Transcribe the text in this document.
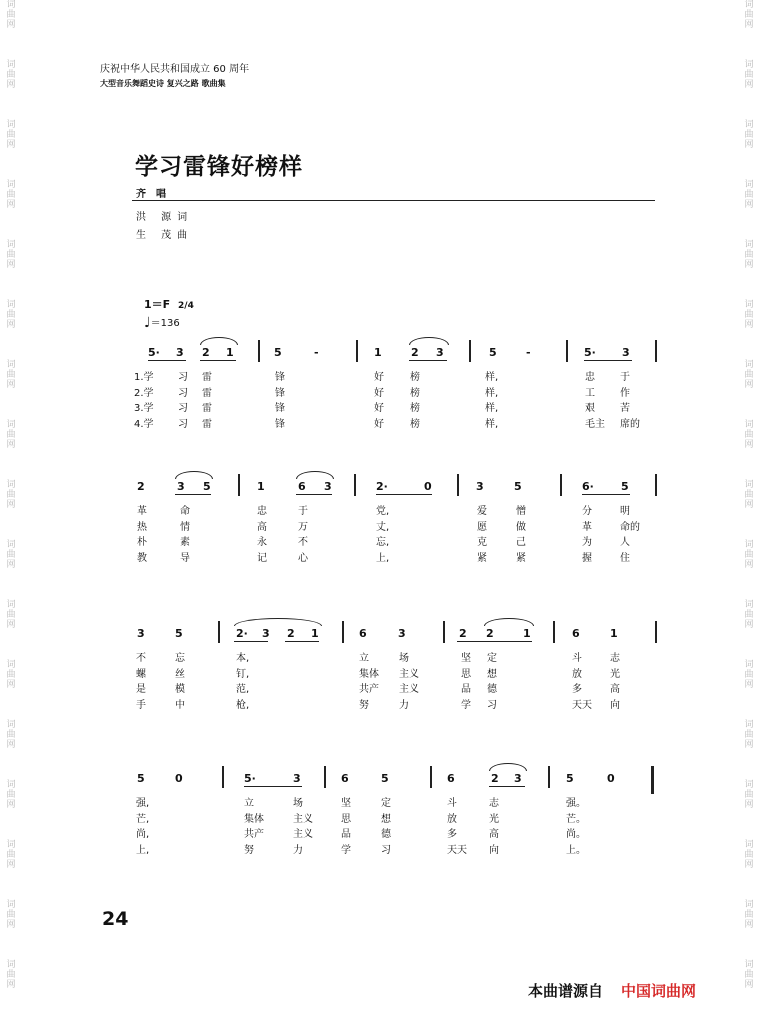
词
曲
网
词
曲
网
词
曲
网
词
曲
网
词
曲
网
词
曲
网
词
曲
网
词
曲
网
词
曲
网
词
曲
网
词
曲
网
词
曲
网
词
曲
网
词
曲
网
词
曲
网
词
曲
网
词
曲
网
词
曲
网
词
曲
网
词
曲
网
词
曲
网
词
曲
网
词
曲
网
词
曲
网
词
曲
网
词
曲
网
词
曲
网
词
曲
网
词
曲
网
词
曲
网
词
曲
网
词
曲
网
词
曲
网
词
曲
网
庆祝中华人民共和国成立 60 周年
大型音乐舞蹈史诗 复兴之路 歌曲集
学习雷锋好榜样
齐唱
洪 源词
生 茂曲
1＝F 2/4
♩＝136
5· 3 2 1	5	-	1	2 3	5	-	5· 3
1.学 习 雷	锋	好	榜	样,	忠	于
2.学 习 雷	锋	好	榜	样,	工	作
3.学 习 雷	锋	好	榜	样,	艰	苦
4.学 习 雷	锋	好	榜	样,	毛主 席的
2	3 5	1	6 3	2·	0	3	5	6· 5
革	命	忠	于	党,	爱	憎	分	明
热	情	高	万	丈,	愿	做	革	命的
朴	素	永	不	忘,	克	己	为	人
教	导	记	心	上,	紧	紧	握	住
3	5	2· 3 2 1	6	3	2 2	1	6	1
不	忘	本,	立	场	坚 定	斗	志
螺	丝	钉,	集体 主义	思 想	放	光
是	模	范,	共产 主义	品 德	多	高
手	中	枪,	努	力	学 习	天天 向
5	0	5·	3	6	5	6	2 3	5	0
强,	立	场	坚	定	斗	志	强。
芒,	集体	主义	思	想	放	光	芒。
尚,	共产	主义	品	德	多	高	尚。
上,	努	力	学	习	天天 向	上。
24
本曲谱源自 中国词曲网
